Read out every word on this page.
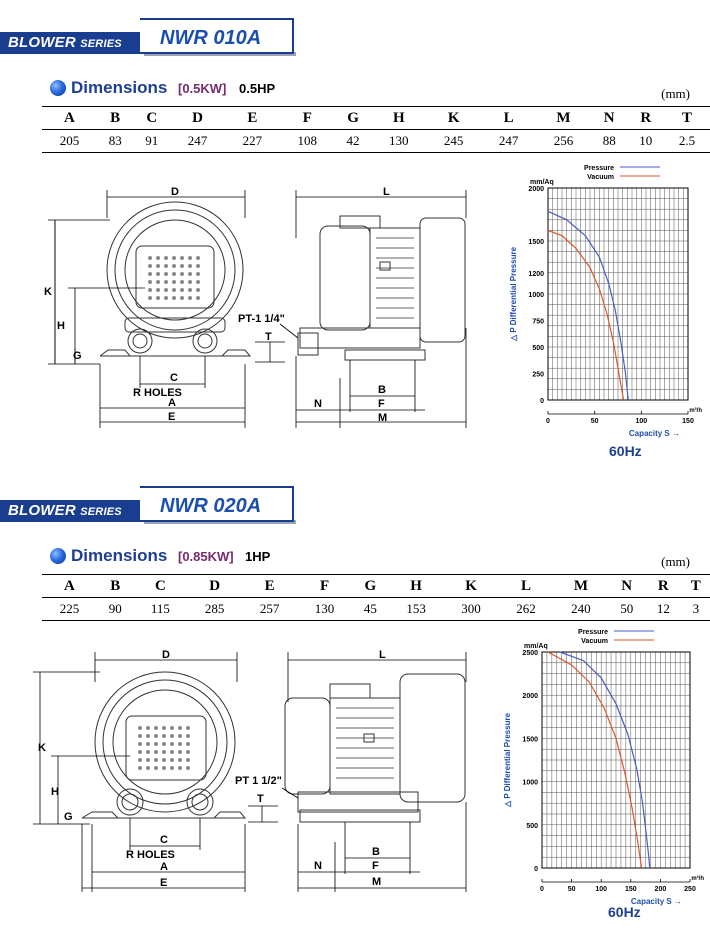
BLOWER SERIES	NWR 010A
Dimensions [0.5KW] 0.5HP	(mm)
A	B	C	D	E	F	G	H	K	L	M	N	R	T
205	83	91	247	227	108	42	130	245	247	256	88	10	2.5
D	L
K
H
G
T
C
R HOLES
A
E
B
F
N
M
PT-1 1/4"
0
250
500
750
1000
1200
1500
2000
0	50	100	150
Capacity S →
m³/h
mm/Aq
△ P Differential Pressure
Pressure
Vacuum
60Hz
BLOWER SERIES	NWR 020A
Dimensions [0.85KW] 1HP	(mm)
A	B	C	D	E	F	G	H	K	L	M	N	R	T
225	90	115	285	257	130	45	153	300	262	240	50	12	3
D	L
K
H
G
T
C
R HOLES
A
E
B
F
N
M
PT 1 1/2"
0
500
1000
1500
2000
2500
0	50	100	150	200	250
Capacity S →
m³/h
mm/Aq
△ P Differential Pressure
Pressure
Vacuum
60Hz
